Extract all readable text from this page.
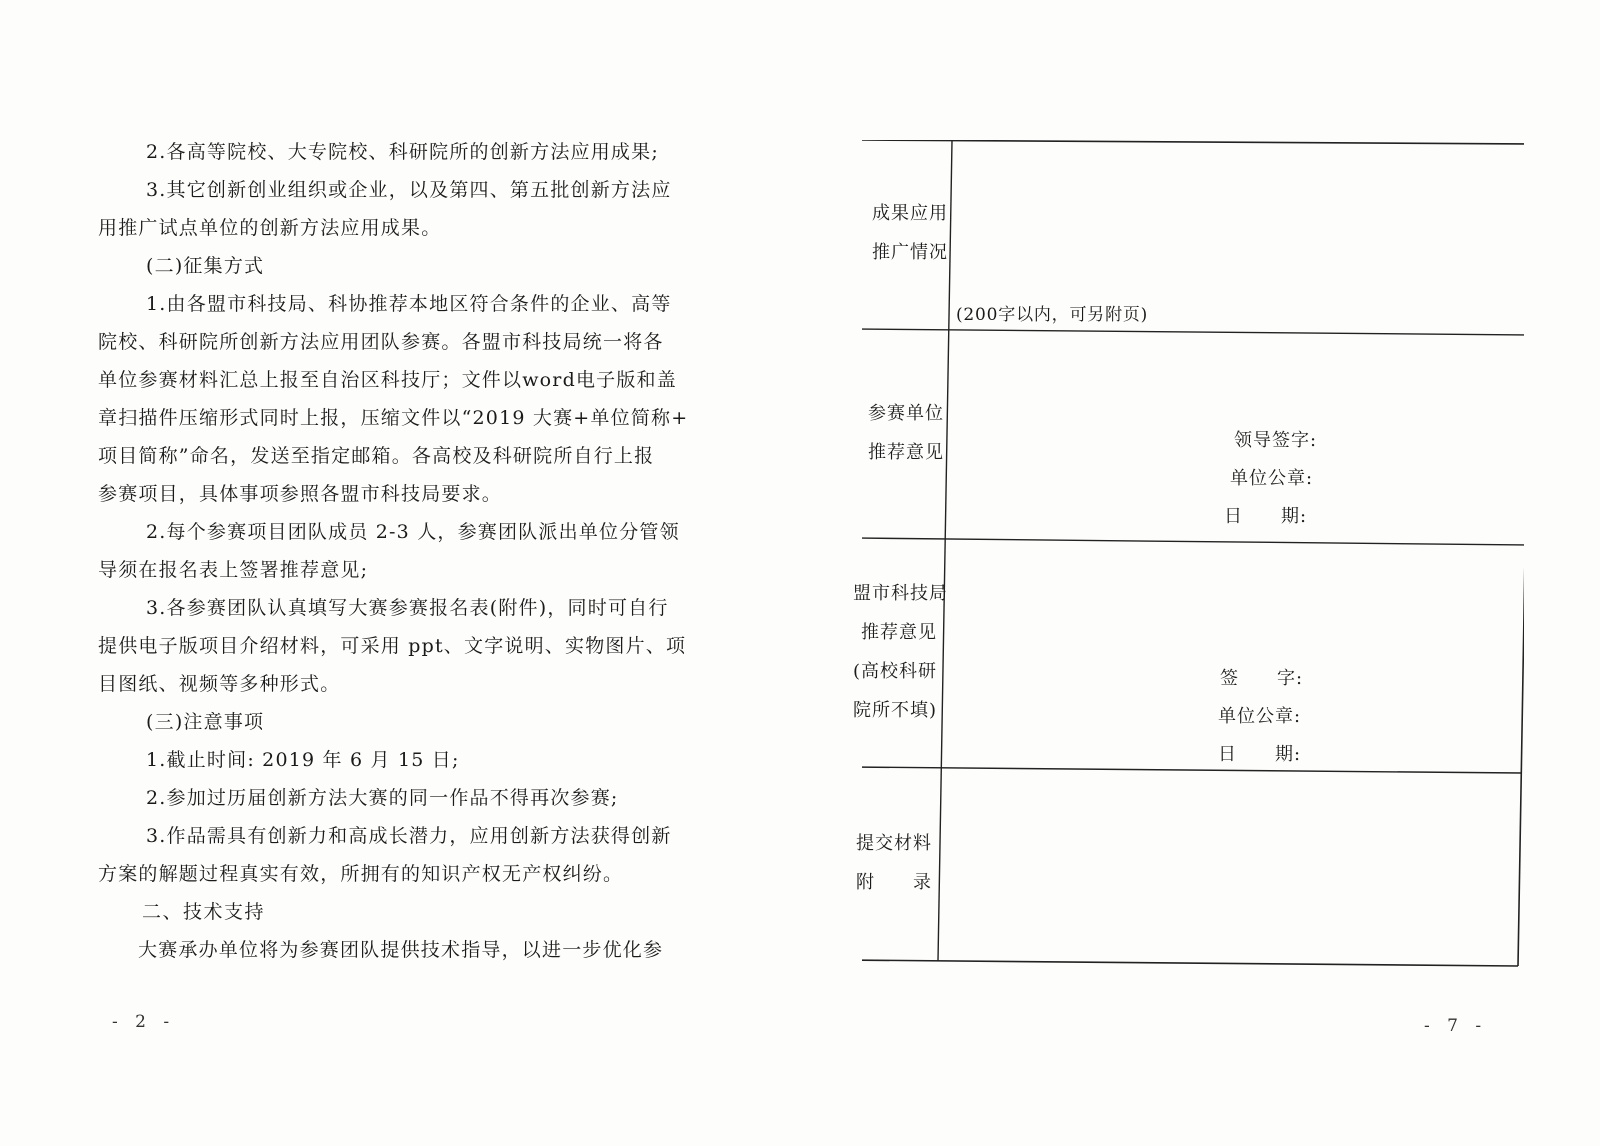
2.各高等院校、大专院校、科研院所的创新方法应用成果;
3.其它创新创业组织或企业，以及第四、第五批创新方法应
用推广试点单位的创新方法应用成果。
(二)征集方式
1.由各盟市科技局、科协推荐本地区符合条件的企业、高等
院校、科研院所创新方法应用团队参赛。各盟市科技局统一将各
单位参赛材料汇总上报至自治区科技厅；文件以word电子版和盖
章扫描件压缩形式同时上报，压缩文件以“2019 大赛+单位简称+
项目简称”命名，发送至指定邮箱。各高校及科研院所自行上报
参赛项目，具体事项参照各盟市科技局要求。
2.每个参赛项目团队成员 2-3 人，参赛团队派出单位分管领
导须在报名表上签署推荐意见;
3.各参赛团队认真填写大赛参赛报名表(附件)，同时可自行
提供电子版项目介绍材料，可采用 ppt、文字说明、实物图片、项
目图纸、视频等多种形式。
(三)注意事项
1.截止时间: 2019 年 6 月 15 日;
2.参加过历届创新方法大赛的同一作品不得再次参赛;
3.作品需具有创新力和高成长潜力，应用创新方法获得创新
方案的解题过程真实有效，所拥有的知识产权无产权纠纷。
二、技术支持
大赛承办单位将为参赛团队提供技术指导，以进一步优化参
- 2 -
成果应用
推广情况
(200字以内，可另附页)
参赛单位
推荐意见
领导签字:
单位公章:
日　　期:
盟市科技局
推荐意见
(高校科研
院所不填)
签　　字:
单位公章:
日　　期:
提交材料
附　　录
- 7 -
